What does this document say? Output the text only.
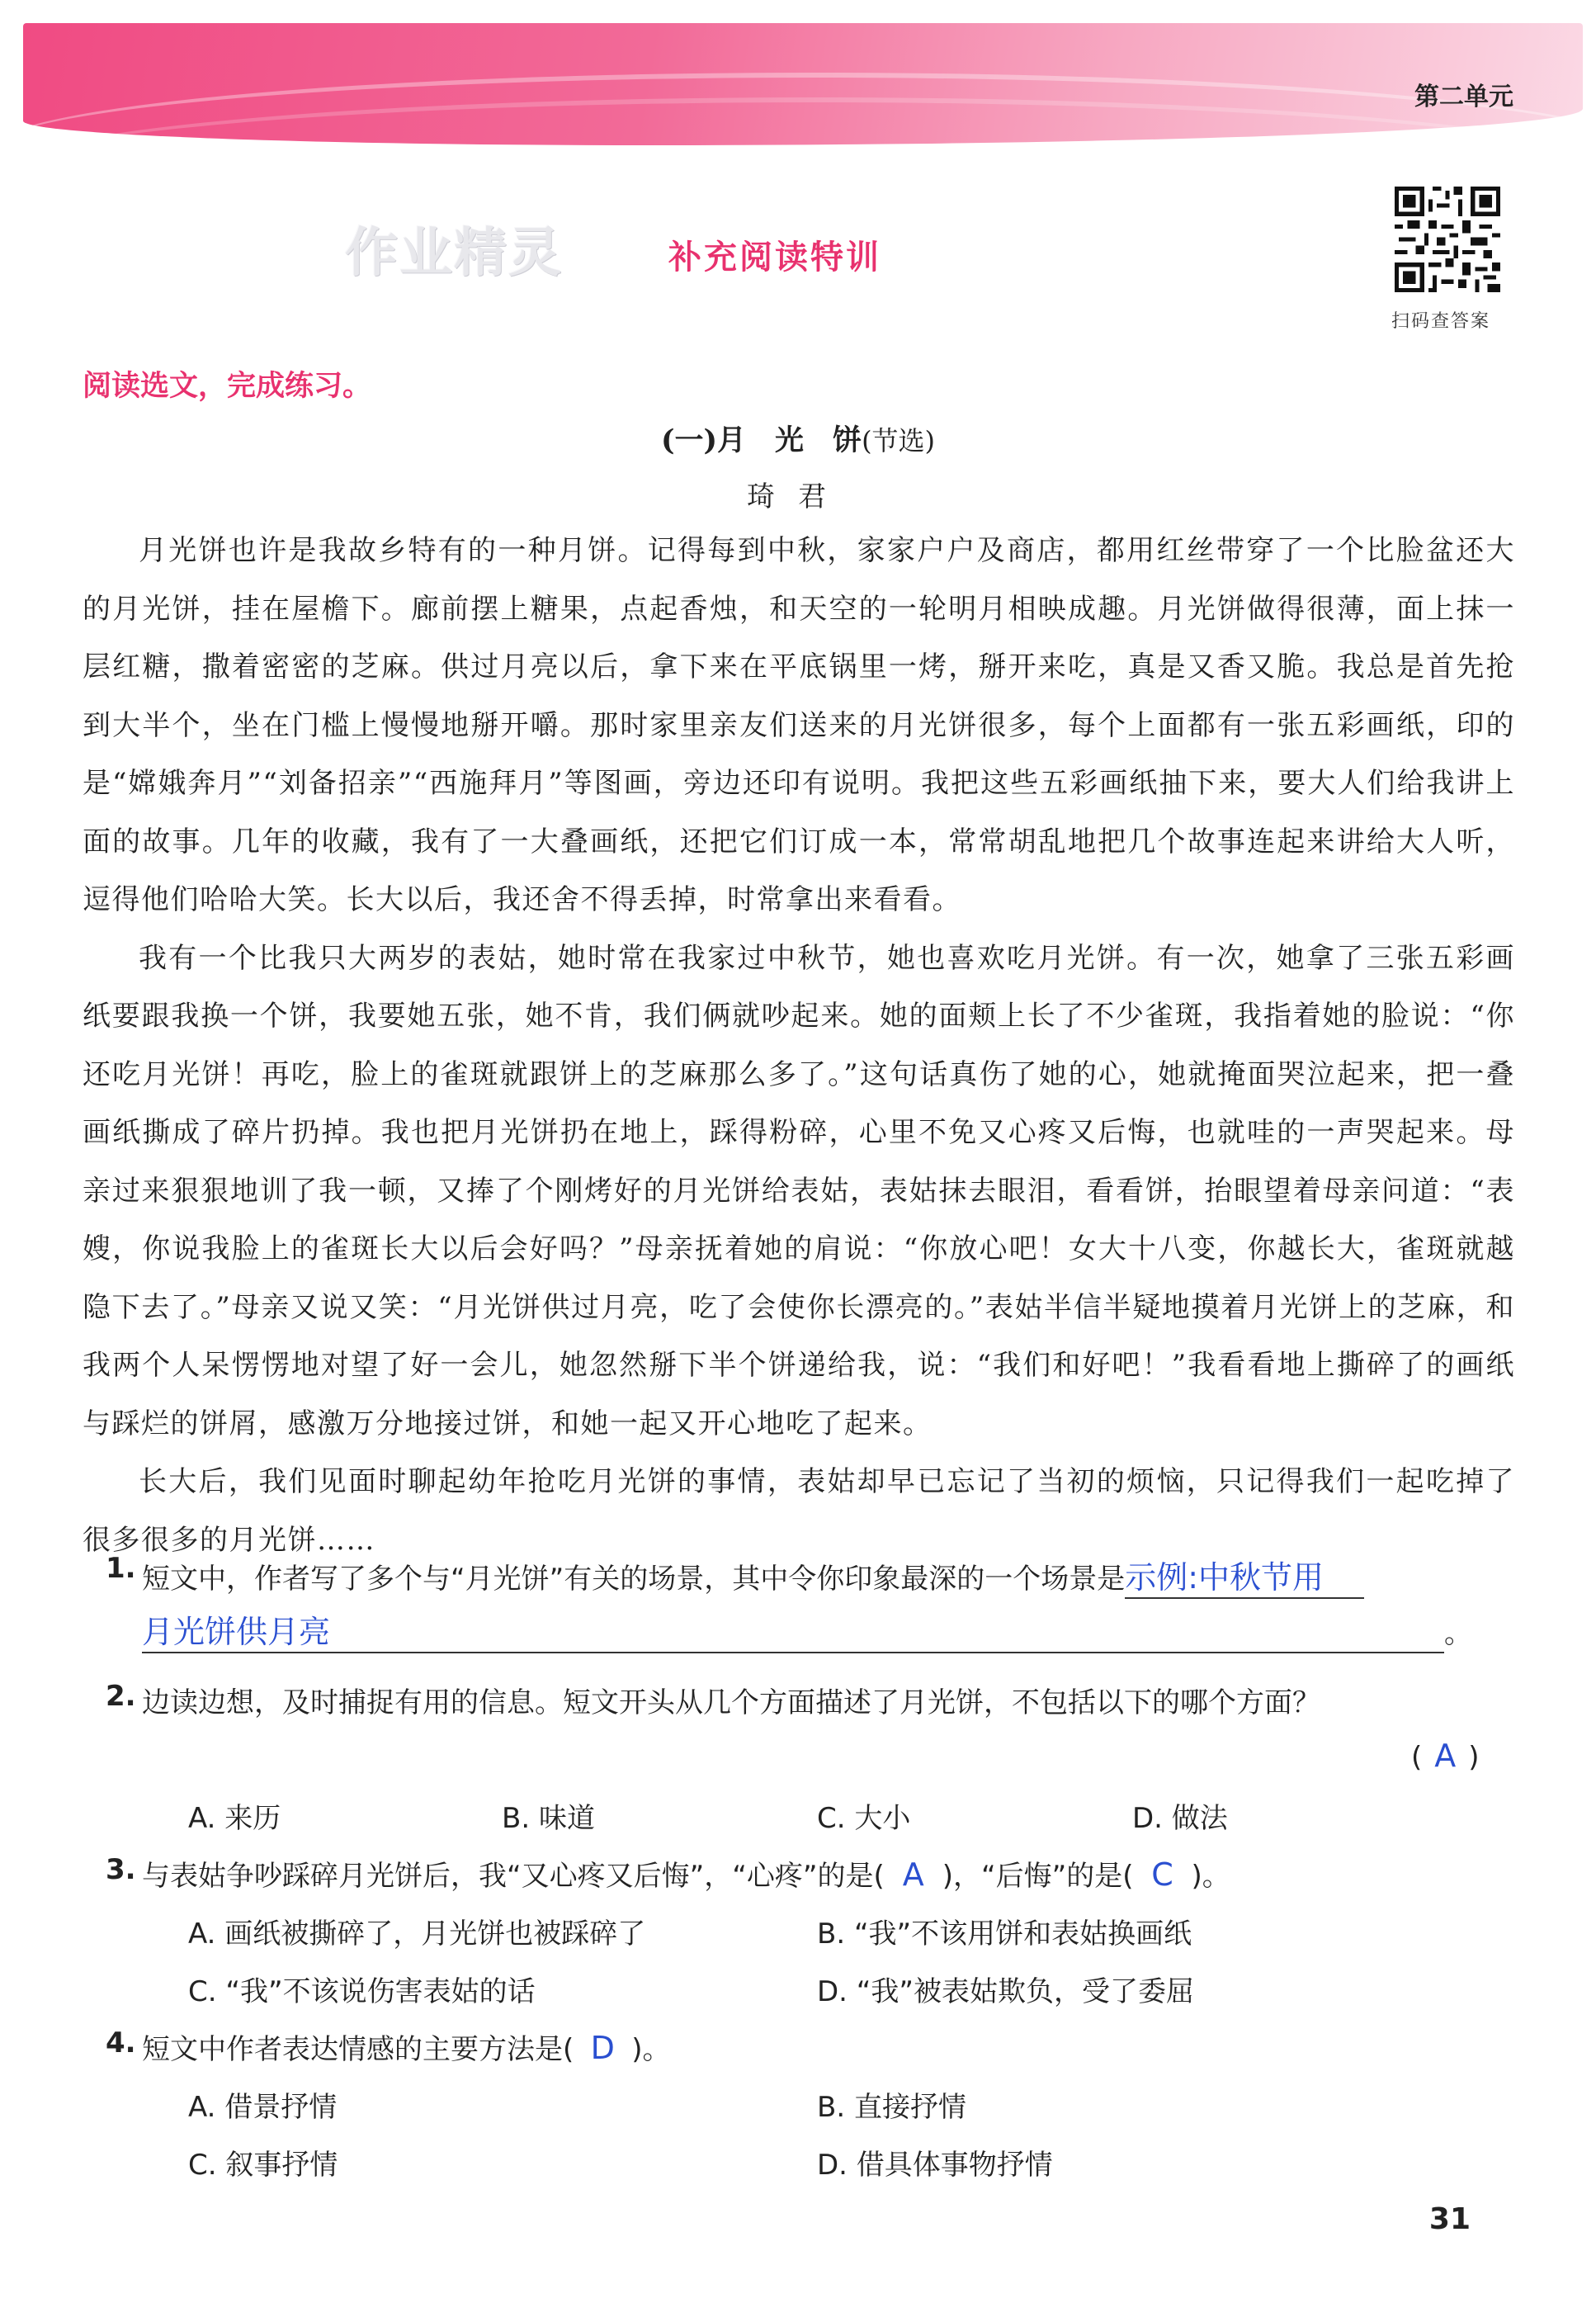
第二单元
作业精灵	补充阅读特训
扫码查答案
阅读选文，完成练习。
(一)月　光　饼(节选)
琦君

月光饼也许是我故乡特有的一种月饼。记得每到中秋，家家户户及商店，都用红丝带穿了一个比脸盆还大的月光饼，挂在屋檐下。廊前摆上糖果，点起香烛，和天空的一轮明月相映成趣。月光饼做得很薄，面上抹一层红糖，撒着密密的芝麻。供过月亮以后，拿下来在平底锅里一烤，掰开来吃，真是又香又脆。我总是首先抢到大半个，坐在门槛上慢慢地掰开嚼。那时家里亲友们送来的月光饼很多，每个上面都有一张五彩画纸，印的是“嫦娥奔月”“刘备招亲”“西施拜月”等图画，旁边还印有说明。我把这些五彩画纸抽下来，要大人们给我讲上面的故事。几年的收藏，我有了一大叠画纸，还把它们订成一本，常常胡乱地把几个故事连起来讲给大人听，逗得他们哈哈大笑。长大以后，我还舍不得丢掉，时常拿出来看看。

我有一个比我只大两岁的表姑，她时常在我家过中秋节，她也喜欢吃月光饼。有一次，她拿了三张五彩画纸要跟我换一个饼，我要她五张，她不肯，我们俩就吵起来。她的面颊上长了不少雀斑，我指着她的脸说：“你还吃月光饼！再吃，脸上的雀斑就跟饼上的芝麻那么多了。”这句话真伤了她的心，她就掩面哭泣起来，把一叠画纸撕成了碎片扔掉。我也把月光饼扔在地上，踩得粉碎，心里不免又心疼又后悔，也就哇的一声哭起来。母亲过来狠狠地训了我一顿，又捧了个刚烤好的月光饼给表姑，表姑抹去眼泪，看看饼，抬眼望着母亲问道：“表嫂，你说我脸上的雀斑长大以后会好吗？”母亲抚着她的肩说：“你放心吧！女大十八变，你越长大，雀斑就越隐下去了。”母亲又说又笑：“月光饼供过月亮，吃了会使你长漂亮的。”表姑半信半疑地摸着月光饼上的芝麻，和我两个人呆愣愣地对望了好一会儿，她忽然掰下半个饼递给我，说：“我们和好吧！”我看看地上撕碎了的画纸与踩烂的饼屑，感激万分地接过饼，和她一起又开心地吃了起来。

长大后，我们见面时聊起幼年抢吃月光饼的事情，表姑却早已忘记了当初的烦恼，只记得我们一起吃掉了很多很多的月光饼……

1. 短文中，作者写了多个与“月光饼”有关的场景，其中令你印象最深的一个场景是示例:中秋节用
月光饼供月亮	。
2. 边读边想，及时捕捉有用的信息。短文开头从几个方面描述了月光饼，不包括以下的哪个方面？
( A )
A. 来历	B. 味道	C. 大小	D. 做法
3. 与表姑争吵踩碎月光饼后，我“又心疼又后悔”，“心疼”的是( A )，“后悔”的是( C )。
A. 画纸被撕碎了，月光饼也被踩碎了	B. “我”不该用饼和表姑换画纸
C. “我”不该说伤害表姑的话	D. “我”被表姑欺负，受了委屈
4. 短文中作者表达情感的主要方法是( D )。
A. 借景抒情	B. 直接抒情
C. 叙事抒情	D. 借具体事物抒情
31
